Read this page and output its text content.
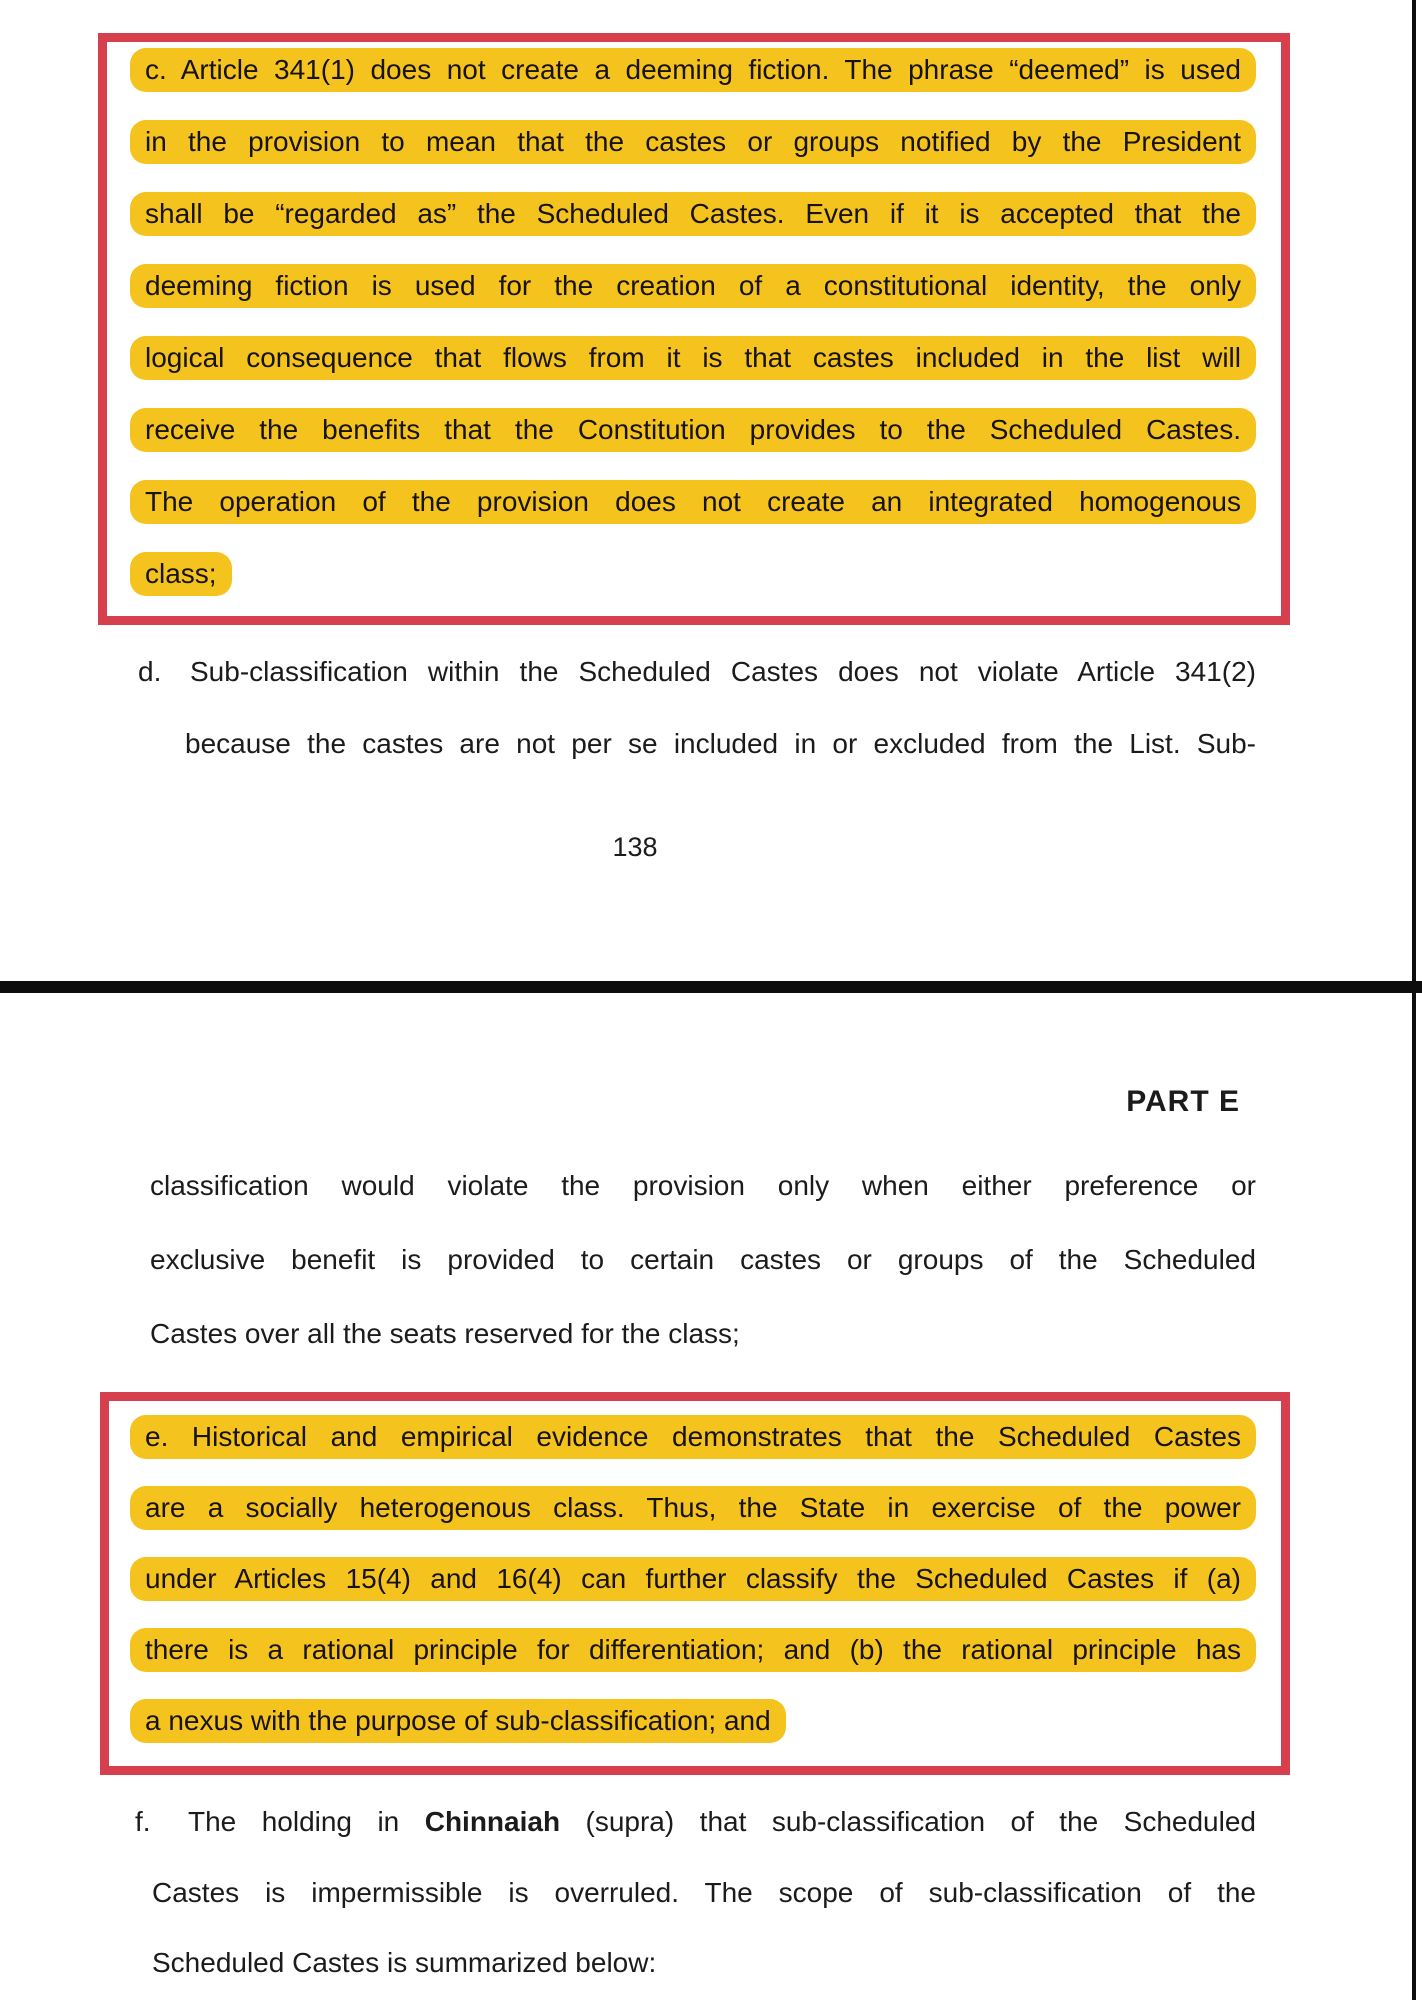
c. Article 341(1) does not create a deeming fiction. The phrase “deemed” is used
in the provision to mean that the castes or groups notified by the President
shall be “regarded as” the Scheduled Castes. Even if it is accepted that the
deeming fiction is used for the creation of a constitutional identity, the only
logical consequence that flows from it is that castes included in the list will
receive the benefits that the Constitution provides to the Scheduled Castes.
The operation of the provision does not create an integrated homogenous
class;
d. Sub-classification within the Scheduled Castes does not violate Article 341(2)
because the castes are not per se included in or excluded from the List. Sub-
138
PART E
classification would violate the provision only when either preference or
exclusive benefit is provided to certain castes or groups of the Scheduled
Castes over all the seats reserved for the class;
e. Historical and empirical evidence demonstrates that the Scheduled Castes
are a socially heterogenous class. Thus, the State in exercise of the power
under Articles 15(4) and 16(4) can further classify the Scheduled Castes if (a)
there is a rational principle for differentiation; and (b) the rational principle has
a nexus with the purpose of sub-classification; and
f. The holding in Chinnaiah (supra) that sub-classification of the Scheduled
Castes is impermissible is overruled. The scope of sub-classification of the
Scheduled Castes is summarized below:
